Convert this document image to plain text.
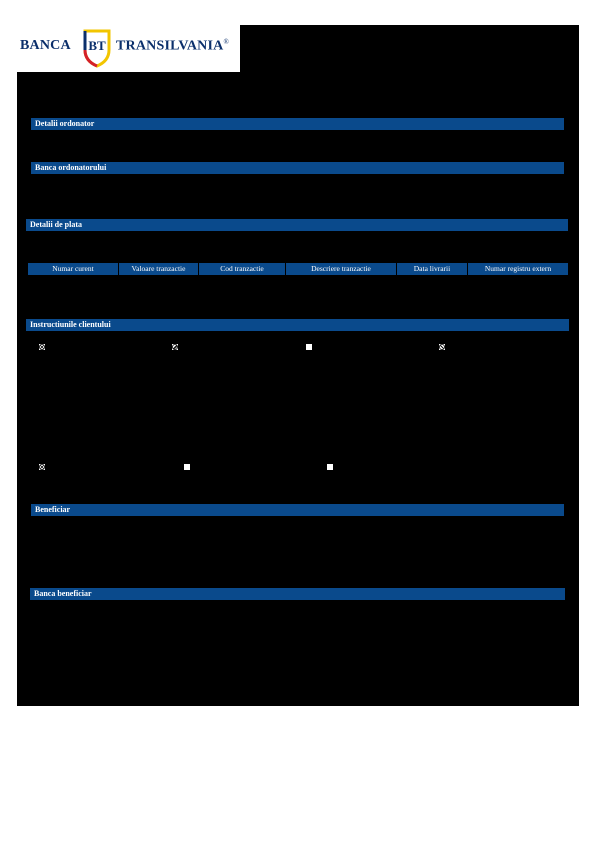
BANCA BT TRANSILVANIA®
Detalii ordonator
Banca ordonatorului
Detalii de plata
Numar curent	Valoare tranzactie	Cod tranzactie	Descriere tranzactie	Data livrarii	Numar registru extern
Instructiunile clientului
Beneficiar
Banca beneficiar
